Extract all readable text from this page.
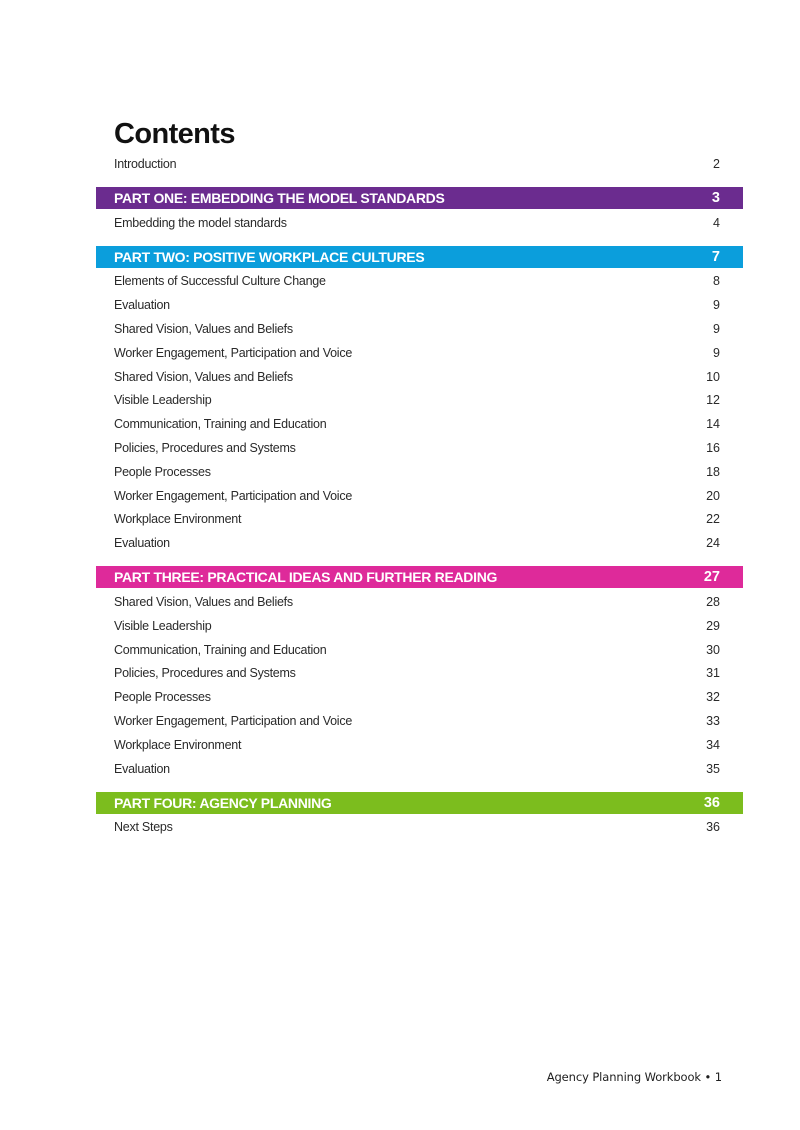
Contents
Introduction	2
PART ONE: EMBEDDING THE MODEL STANDARDS	3
Embedding the model standards	4
PART TWO: POSITIVE WORKPLACE CULTURES	7
Elements of Successful Culture Change	8
Evaluation	9
Shared Vision, Values and Beliefs	9
Worker Engagement, Participation and Voice	9
Shared Vision, Values and Beliefs	10
Visible Leadership	12
Communication, Training and Education	14
Policies, Procedures and Systems	16
People Processes	18
Worker Engagement, Participation and Voice	20
Workplace Environment	22
Evaluation	24
PART THREE: PRACTICAL IDEAS AND FURTHER READING	27
Shared Vision, Values and Beliefs	28
Visible Leadership	29
Communication, Training and Education	30
Policies, Procedures and Systems	31
People Processes	32
Worker Engagement, Participation and Voice	33
Workplace Environment	34
Evaluation	35
PART FOUR: AGENCY PLANNING	36
Next Steps	36
Agency Planning Workbook • 1
